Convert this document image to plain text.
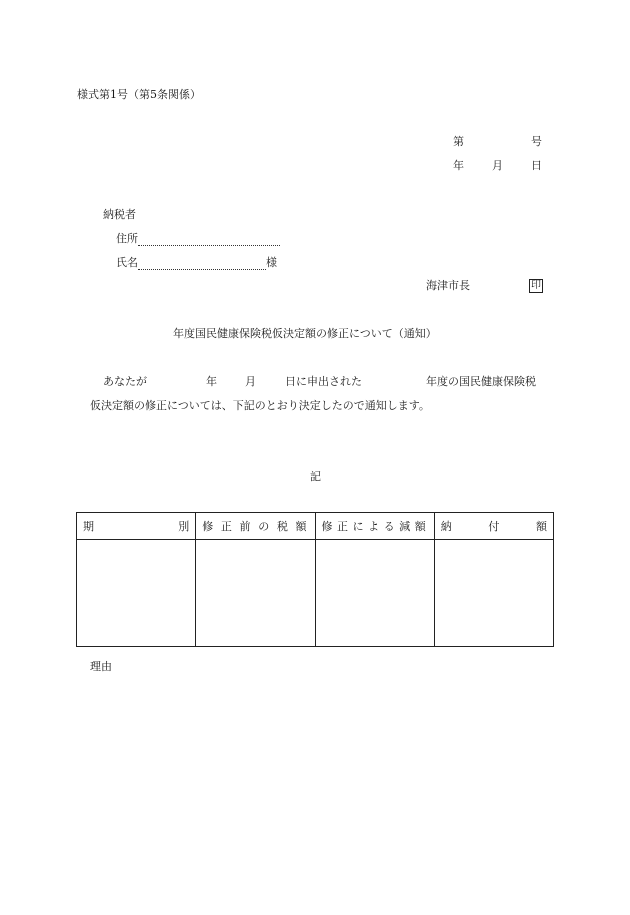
様式第1号（第5条関係）
第	号
年	月	日
納税者
住所
氏名	様
海津市長	印
年度国民健康保険税仮決定額の修正について（通知）
あなたが	年	月	日に申出された	年度の国民健康保険税
仮決定額の修正については、下記のとおり決定したので通知します。
記
期 別	修正前の税額	修正による減額	納 付 額

理由
